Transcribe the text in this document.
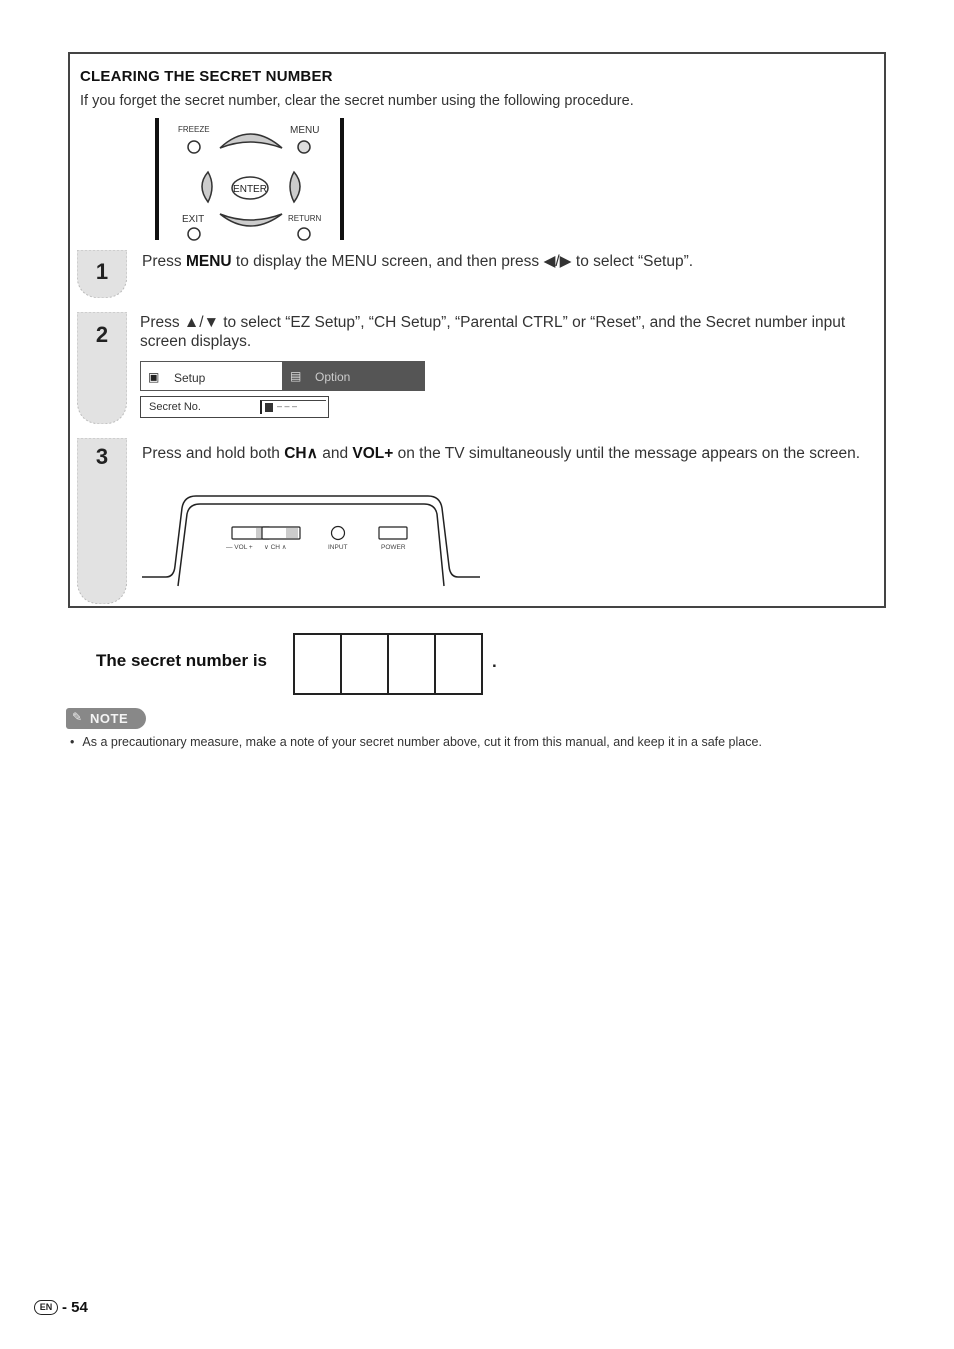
CLEARING THE SECRET NUMBER
If you forget the secret number, clear the secret number using the following procedure.
FREEZE	MENU
ENTER
EXIT	RETURN
1 Press MENU to display the MENU screen, and then press ◀/▶ to select “Setup”.
2 Press ▲/▼ to select “EZ Setup”, “CH Setup”, “Parental CTRL” or “Reset”, and the Secret number input screen displays.
▣ Setup	▤ Option
Secret No.	– – –
3 Press and hold both CH∧ and VOL+ on the TV simultaneously until the message appears on the screen.
— VOL + ∨ CH ∧	INPUT	POWER
The secret number is	.
✎ NOTE
• As a precautionary measure, make a note of your secret number above, cut it from this manual, and keep it in a safe place.
EN - 54
